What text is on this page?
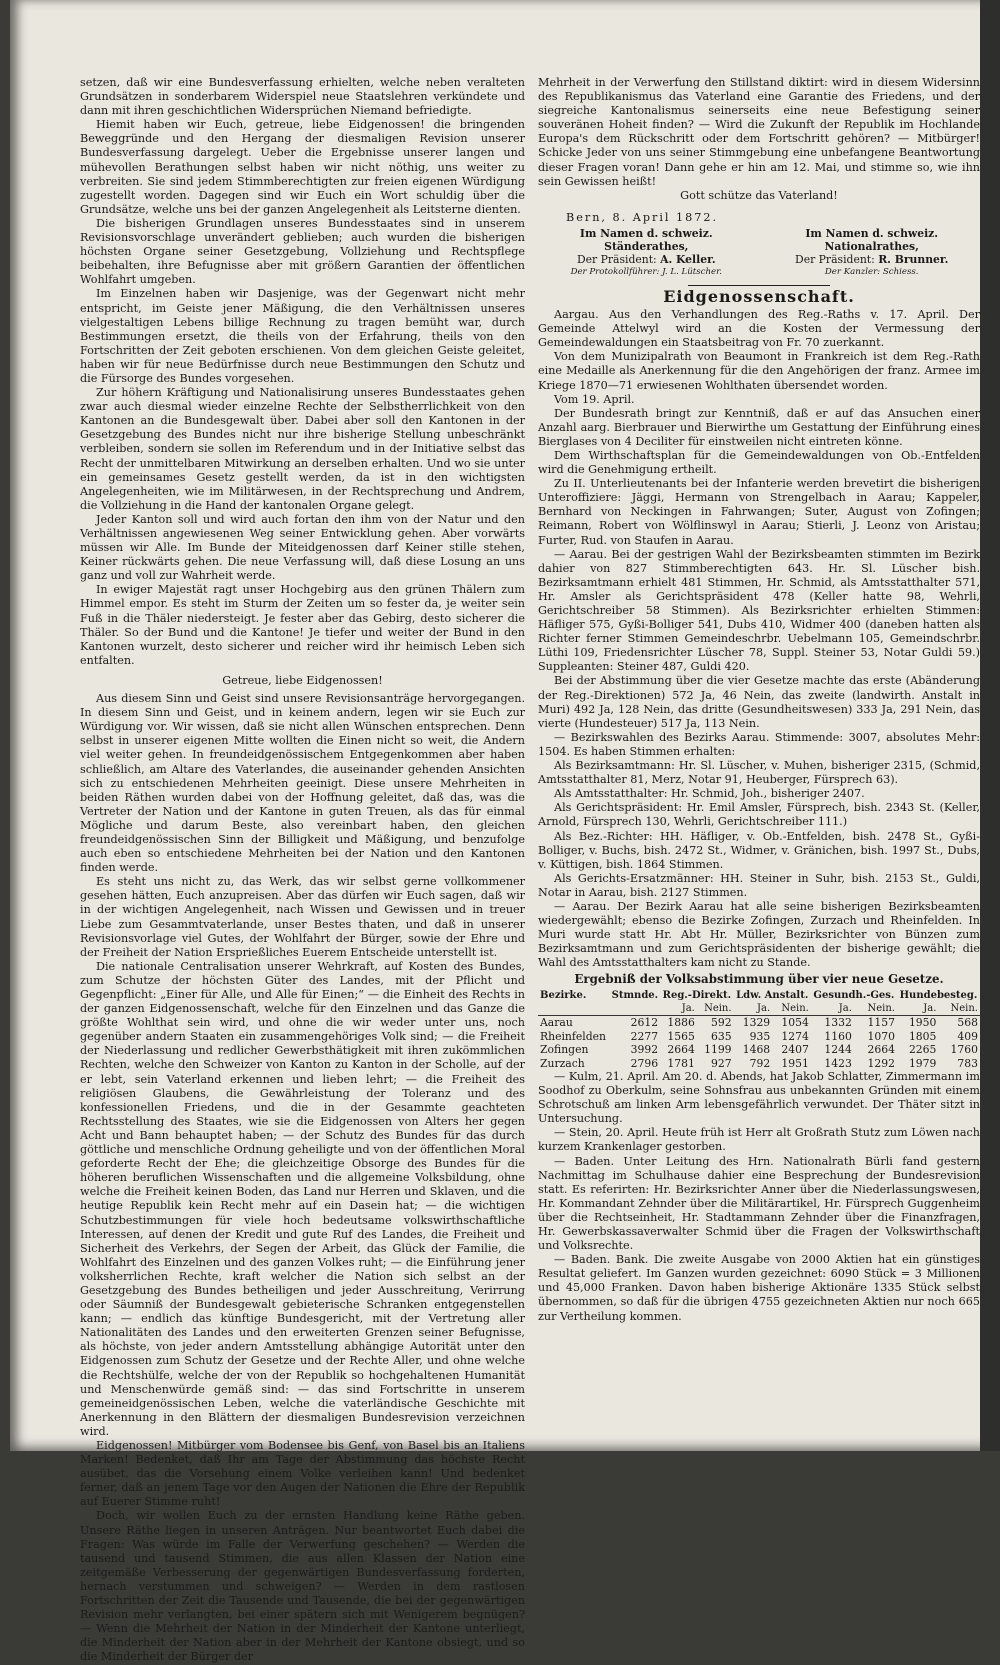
setzen, daß wir eine Bundesverfassung erhielten, welche neben veralteten Grundsätzen in sonderbarem Widerspiel neue Staatslehren verkündete und dann mit ihren geschichtlichen Widersprüchen Niemand befriedigte.

Hiemit haben wir Euch, getreue, liebe Eidgenossen! die bringenden Beweggründe und den Hergang der diesmaligen Revision unserer Bundesverfassung dargelegt. Ueber die Ergebnisse unserer langen und mühevollen Berathungen selbst haben wir nicht nöthig, uns weiter zu verbreiten. Sie sind jedem Stimmberechtigten zur freien eigenen Würdigung zugestellt worden. Dagegen sind wir Euch ein Wort schuldig über die Grundsätze, welche uns bei der ganzen Angelegenheit als Leitsterne dienten.

Die bisherigen Grundlagen unseres Bundesstaates sind in unserem Revisionsvorschlage unverändert geblieben; auch wurden die bisherigen höchsten Organe seiner Gesetzgebung, Vollziehung und Rechtspflege beibehalten, ihre Befugnisse aber mit größern Garantien der öffentlichen Wohlfahrt umgeben.

Im Einzelnen haben wir Dasjenige, was der Gegenwart nicht mehr entspricht, im Geiste jener Mäßigung, die den Verhältnissen unseres vielgestaltigen Lebens billige Rechnung zu tragen bemüht war, durch Bestimmungen ersetzt, die theils von der Erfahrung, theils von den Fortschritten der Zeit geboten erschienen. Von dem gleichen Geiste geleitet, haben wir für neue Bedürfnisse durch neue Bestimmungen den Schutz und die Fürsorge des Bundes vorgesehen.

Zur höhern Kräftigung und Nationalisirung unseres Bundesstaates gehen zwar auch diesmal wieder einzelne Rechte der Selbstherrlichkeit von den Kantonen an die Bundesgewalt über. Dabei aber soll den Kantonen in der Gesetzgebung des Bundes nicht nur ihre bisherige Stellung unbeschränkt verbleiben, sondern sie sollen im Referendum und in der Initiative selbst das Recht der unmittelbaren Mitwirkung an derselben erhalten. Und wo sie unter ein gemeinsames Gesetz gestellt werden, da ist in den wichtigsten Angelegenheiten, wie im Militärwesen, in der Rechtsprechung und Andrem, die Vollziehung in die Hand der kantonalen Organe gelegt.

Jeder Kanton soll und wird auch fortan den ihm von der Natur und den Verhältnissen angewiesenen Weg seiner Entwicklung gehen. Aber vorwärts müssen wir Alle. Im Bunde der Miteidgenossen darf Keiner stille stehen, Keiner rückwärts gehen. Die neue Verfassung will, daß diese Losung an uns ganz und voll zur Wahrheit werde.

In ewiger Majestät ragt unser Hochgebirg aus den grünen Thälern zum Himmel empor. Es steht im Sturm der Zeiten um so fester da, je weiter sein Fuß in die Thäler niedersteigt. Je fester aber das Gebirg, desto sicherer die Thäler. So der Bund und die Kantone! Je tiefer und weiter der Bund in den Kantonen wurzelt, desto sicherer und reicher wird ihr heimisch Leben sich entfalten.

Getreue, liebe Eidgenossen!

Aus diesem Sinn und Geist sind unsere Revisionsanträge hervorgegangen. In diesem Sinn und Geist, und in keinem andern, legen wir sie Euch zur Würdigung vor. Wir wissen, daß sie nicht allen Wünschen entsprechen. Denn selbst in unserer eigenen Mitte wollten die Einen nicht so weit, die Andern viel weiter gehen. In freundeidgenössischem Entgegenkommen aber haben schließlich, am Altare des Vaterlandes, die auseinander gehenden Ansichten sich zu entschiedenen Mehrheiten geeinigt. Diese unsere Mehrheiten in beiden Räthen wurden dabei von der Hoffnung geleitet, daß das, was die Vertreter der Nation und der Kantone in guten Treuen, als das für einmal Mögliche und darum Beste, also vereinbart haben, den gleichen freundeidgenössischen Sinn der Billigkeit und Mäßigung, und benzufolge auch eben so entschiedene Mehrheiten bei der Nation und den Kantonen finden werde.

Es steht uns nicht zu, das Werk, das wir selbst gerne vollkommener gesehen hätten, Euch anzupreisen. Aber das dürfen wir Euch sagen, daß wir in der wichtigen Angelegenheit, nach Wissen und Gewissen und in treuer Liebe zum Gesammtvaterlande, unser Bestes thaten, und daß in unserer Revisionsvorlage viel Gutes, der Wohlfahrt der Bürger, sowie der Ehre und der Freiheit der Nation Ersprießliches Euerem Entscheide unterstellt ist.

Die nationale Centralisation unserer Wehrkraft, auf Kosten des Bundes, zum Schutze der höchsten Güter des Landes, mit der Pflicht und Gegenpflicht: „Einer für Alle, und Alle für Einen;“ — die Einheit des Rechts in der ganzen Eidgenossenschaft, welche für den Einzelnen und das Ganze die größte Wohlthat sein wird, und ohne die wir weder unter uns, noch gegenüber andern Staaten ein zusammengehöriges Volk sind; — die Freiheit der Niederlassung und redlicher Gewerbsthätigkeit mit ihren zukömmlichen Rechten, welche den Schweizer von Kanton zu Kanton in der Scholle, auf der er lebt, sein Vaterland erkennen und lieben lehrt; — die Freiheit des religiösen Glaubens, die Gewährleistung der Toleranz und des konfessionellen Friedens, und die in der Gesammte geachteten Rechtsstellung des Staates, wie sie die Eidgenossen von Alters her gegen Acht und Bann behauptet haben; — der Schutz des Bundes für das durch göttliche und menschliche Ordnung geheiligte und von der öffentlichen Moral geforderte Recht der Ehe; die gleichzeitige Obsorge des Bundes für die höheren beruflichen Wissenschaften und die allgemeine Volksbildung, ohne welche die Freiheit keinen Boden, das Land nur Herren und Sklaven, und die heutige Republik kein Recht mehr auf ein Dasein hat; — die wichtigen Schutzbestimmungen für viele hoch bedeutsame volkswirthschaftliche Interessen, auf denen der Kredit und gute Ruf des Landes, die Freiheit und Sicherheit des Verkehrs, der Segen der Arbeit, das Glück der Familie, die Wohlfahrt des Einzelnen und des ganzen Volkes ruht; — die Einführung jener volksherrlichen Rechte, kraft welcher die Nation sich selbst an der Gesetzgebung des Bundes betheiligen und jeder Ausschreitung, Verirrung oder Säumniß der Bundesgewalt gebieterische Schranken entgegenstellen kann; — endlich das künftige Bundesgericht, mit der Vertretung aller Nationalitäten des Landes und den erweiterten Grenzen seiner Befugnisse, als höchste, von jeder andern Amtsstellung abhängige Autorität unter den Eidgenossen zum Schutz der Gesetze und der Rechte Aller, und ohne welche die Rechtshülfe, welche der von der Republik so hochgehaltenen Humanität und Menschenwürde gemäß sind: — das sind Fortschritte in unserem gemeineidgenössischen Leben, welche die vaterländische Geschichte mit Anerkennung in den Blättern der diesmaligen Bundesrevision verzeichnen wird.

Eidgenossen! Mitbürger vom Bodensee bis Genf, von Basel bis an Italiens Marken! Bedenket, daß Ihr am Tage der Abstimmung das höchste Recht ausübet, das die Vorsehung einem Volke verleihen kann! Und bedenket ferner, daß an jenem Tage vor den Augen der Nationen die Ehre der Republik auf Euerer Stimme ruht!

Doch, wir wollen Euch zu der ernsten Handlung keine Räthe geben. Unsere Räthe liegen in unseren Anträgen. Nur beantwortet Euch dabei die Fragen: Was würde im Falle der Verwerfung geschehen? — Werden die tausend und tausend Stimmen, die aus allen Klassen der Nation eine zeitgemäße Verbesserung der gegenwärtigen Bundesverfassung forderten, hernach verstummen und schweigen? — Werden in dem rastlosen Fortschritten der Zeit die Tausende und Tausende, die bei der gegenwärtigen Revision mehr verlangten, bei einer spätern sich mit Wenigerem begnügen? — Wenn die Mehrheit der Nation in der Minderheit der Kantone unterliegt, die Minderheit der Nation aber in der Mehrheit der Kantone obsiegt, und so die Minderheit der Bürger der

Mehrheit in der Verwerfung den Stillstand diktirt: wird in diesem Widersinn des Republikanismus das Vaterland eine Garantie des Friedens, und der siegreiche Kantonalismus seinerseits eine neue Befestigung seiner souveränen Hoheit finden? — Wird die Zukunft der Republik im Hochlande Europa's dem Rückschritt oder dem Fortschritt gehören? — Mitbürger! Schicke Jeder von uns seiner Stimmgebung eine unbefangene Beantwortung dieser Fragen voran! Dann gehe er hin am 12. Mai, und stimme so, wie ihn sein Gewissen heißt!

Gott schütze das Vaterland!

Bern, 8. April 1872.

Im Namen d. schweiz. Ständerathes,
Der Präsident: A. Keller.
Der Protokollführer: J. L. Lütscher.
Im Namen d. schweiz. Nationalrathes,
Der Präsident: R. Brunner.
Der Kanzler: Schiess.
Eidgenossenschaft.

Aargau. Aus den Verhandlungen des Reg.-Raths v. 17. April. Der Gemeinde Attelwyl wird an die Kosten der Vermessung der Gemeindewaldungen ein Staatsbeitrag von Fr. 70 zuerkannt.

Von dem Munizipalrath von Beaumont in Frankreich ist dem Reg.-Rath eine Medaille als Anerkennung für die den Angehörigen der franz. Armee im Kriege 1870—71 erwiesenen Wohlthaten übersendet worden.

Vom 19. April.

Der Bundesrath bringt zur Kenntniß, daß er auf das Ansuchen einer Anzahl aarg. Bierbrauer und Bierwirthe um Gestattung der Einführung eines Bierglases von 4 Deciliter für einstweilen nicht eintreten könne.

Dem Wirthschaftsplan für die Gemeindewaldungen von Ob.-Entfelden wird die Genehmigung ertheilt.

Zu II. Unterlieutenants bei der Infanterie werden brevetirt die bisherigen Unteroffiziere: Jäggi, Hermann von Strengelbach in Aarau; Kappeler, Bernhard von Neckingen in Fahrwangen; Suter, August von Zofingen; Reimann, Robert von Wölflinswyl in Aarau; Stierli, J. Leonz von Aristau; Furter, Rud. von Staufen in Aarau.

— Aarau. Bei der gestrigen Wahl der Bezirksbeamten stimmten im Bezirk dahier von 827 Stimmberechtigten 643. Hr. Sl. Lüscher bish. Bezirksamtmann erhielt 481 Stimmen, Hr. Schmid, als Amtsstatthalter 571, Hr. Amsler als Gerichtspräsident 478 (Keller hatte 98, Wehrli, Gerichtschreiber 58 Stimmen). Als Bezirksrichter erhielten Stimmen: Häfliger 575, Gyßi-Bolliger 541, Dubs 410, Widmer 400 (daneben hatten als Richter ferner Stimmen Gemeindeschrbr. Uebelmann 105, Gemeindschrbr. Lüthi 109, Friedensrichter Lüscher 78, Suppl. Steiner 53, Notar Guldi 59.) Suppleanten: Steiner 487, Guldi 420.

Bei der Abstimmung über die vier Gesetze machte das erste (Abänderung der Reg.-Direktionen) 572 Ja, 46 Nein, das zweite (landwirth. Anstalt in Muri) 492 Ja, 128 Nein, das dritte (Gesundheitswesen) 333 Ja, 291 Nein, das vierte (Hundesteuer) 517 Ja, 113 Nein.

— Bezirkswahlen des Bezirks Aarau. Stimmende: 3007, absolutes Mehr: 1504. Es haben Stimmen erhalten:

Als Bezirksamtmann: Hr. Sl. Lüscher, v. Muhen, bisheriger 2315, (Schmid, Amtsstatthalter 81, Merz, Notar 91, Heuberger, Fürsprech 63).

Als Amtsstatthalter: Hr. Schmid, Joh., bisheriger 2407.

Als Gerichtspräsident: Hr. Emil Amsler, Fürsprech, bish. 2343 St. (Keller, Arnold, Fürsprech 130, Wehrli, Gerichtschreiber 111.)

Als Bez.-Richter: HH. Häfliger, v. Ob.-Entfelden, bish. 2478 St., Gyßi-Bolliger, v. Buchs, bish. 2472 St., Widmer, v. Gränichen, bish. 1997 St., Dubs, v. Küttigen, bish. 1864 Stimmen.

Als Gerichts-Ersatzmänner: HH. Steiner in Suhr, bish. 2153 St., Guldi, Notar in Aarau, bish. 2127 Stimmen.

— Aarau. Der Bezirk Aarau hat alle seine bisherigen Bezirksbeamten wiedergewählt; ebenso die Bezirke Zofingen, Zurzach und Rheinfelden. In Muri wurde statt Hr. Abt Hr. Müller, Bezirksrichter von Bünzen zum Bezirksamtmann und zum Gerichtspräsidenten der bisherige gewählt; die Wahl des Amtsstatthalters kam nicht zu Stande.

Ergebniß der Volksabstimmung über vier neue Gesetze.
Bezirke.	Stmnde.	Reg.-Direkt.		Ldw. Anstalt.		Gesundh.-Ges.		Hundebesteg.	
		Ja.	Nein.	Ja.	Nein.	Ja.	Nein.	Ja.	Nein.
Aarau	2612	1886	592	1329	1054	1332	1157	1950	568
Rheinfelden	2277	1565	635	935	1274	1160	1070	1805	409
Zofingen	3992	2664	1199	1468	2407	1244	2664	2265	1760
Zurzach	2796	1781	927	792	1951	1423	1292	1979	783

— Kulm, 21. April. Am 20. d. Abends, hat Jakob Schlatter, Zimmermann im Soodhof zu Oberkulm, seine Sohnsfrau aus unbekannten Gründen mit einem Schrotschuß am linken Arm lebensgefährlich verwundet. Der Thäter sitzt in Untersuchung.

— Stein, 20. April. Heute früh ist Herr alt Großrath Stutz zum Löwen nach kurzem Krankenlager gestorben.

— Baden. Unter Leitung des Hrn. Nationalrath Bürli fand gestern Nachmittag im Schulhause dahier eine Besprechung der Bundesrevision statt. Es referirten: Hr. Bezirksrichter Anner über die Niederlassungswesen, Hr. Kommandant Zehnder über die Militärartikel, Hr. Fürsprech Guggenheim über die Rechtseinheit, Hr. Stadtammann Zehnder über die Finanzfragen, Hr. Gewerbskassaverwalter Schmid über die Fragen der Volkswirthschaft und Volksrechte.

— Baden. Bank. Die zweite Ausgabe von 2000 Aktien hat ein günstiges Resultat geliefert. Im Ganzen wurden gezeichnet: 6090 Stück = 3 Millionen und 45,000 Franken. Davon haben bisherige Aktionäre 1335 Stück selbst übernommen, so daß für die übrigen 4755 gezeichneten Aktien nur noch 665 zur Vertheilung kommen.
